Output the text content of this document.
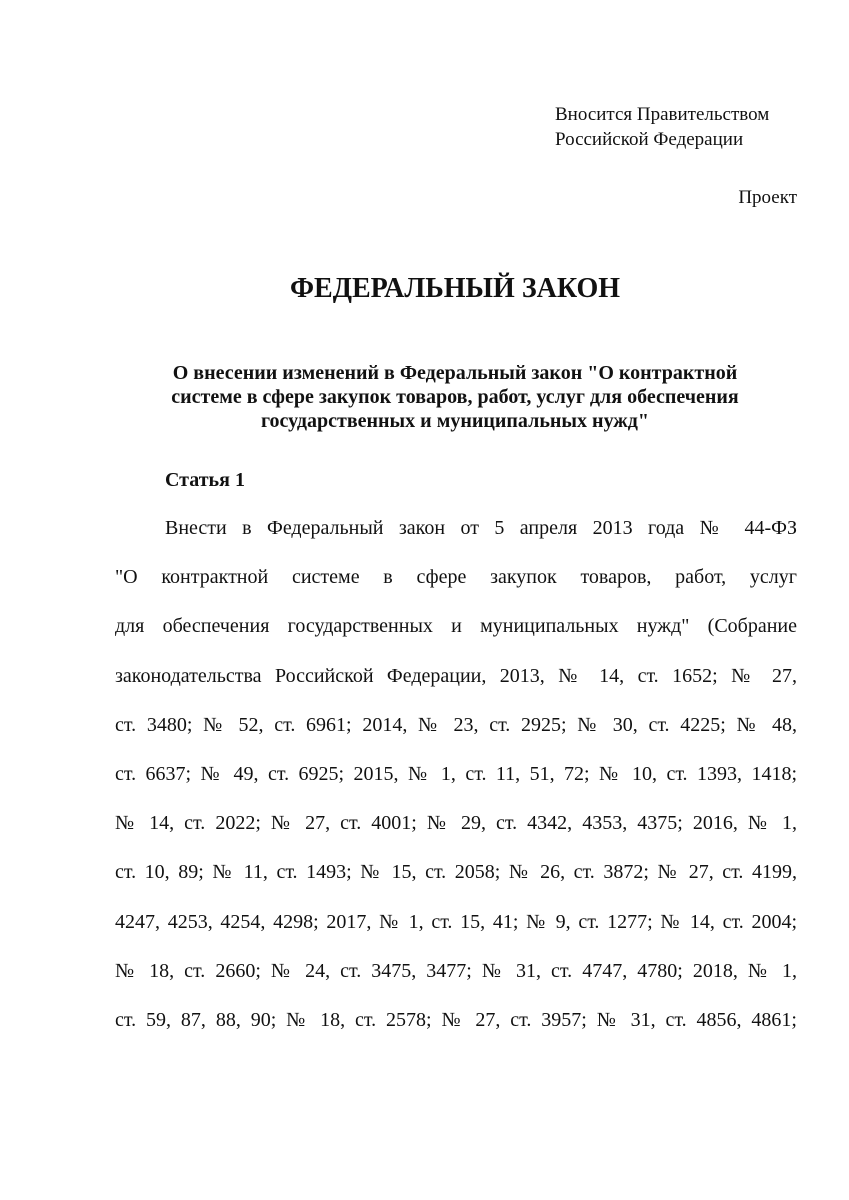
Вносится Правительством
Российской Федерации
Проект
ФЕДЕРАЛЬНЫЙ ЗАКОН
О внесении изменений в Федеральный закон "О контрактной
системе в сфере закупок товаров, работ, услуг для обеспечения
государственных и муниципальных нужд"
Статья 1
Внести в Федеральный закон от 5 апреля 2013 года № 44-ФЗ
"О контрактной системе в сфере закупок товаров, работ, услуг
для обеспечения государственных и муниципальных нужд" (Собрание
законодательства Российской Федерации, 2013, № 14, ст. 1652; № 27,
ст. 3480; № 52, ст. 6961; 2014, № 23, ст. 2925; № 30, ст. 4225; № 48,
ст. 6637; № 49, ст. 6925; 2015, № 1, ст. 11, 51, 72; № 10, ст. 1393, 1418;
№ 14, ст. 2022; № 27, ст. 4001; № 29, ст. 4342, 4353, 4375; 2016, № 1,
ст. 10, 89; № 11, ст. 1493; № 15, ст. 2058; № 26, ст. 3872; № 27, ст. 4199,
4247, 4253, 4254, 4298; 2017, № 1, ст. 15, 41; № 9, ст. 1277; № 14, ст. 2004;
№ 18, ст. 2660; № 24, ст. 3475, 3477; № 31, ст. 4747, 4780; 2018, № 1,
ст. 59, 87, 88, 90; № 18, ст. 2578; № 27, ст. 3957; № 31, ст. 4856, 4861;
